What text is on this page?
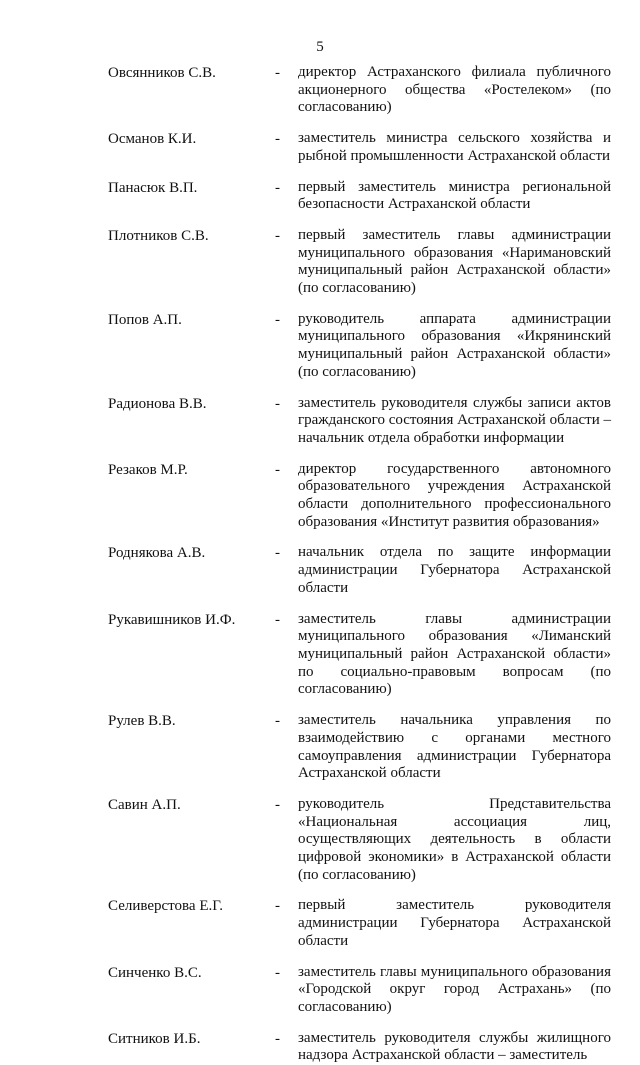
5
Овсянников С.В.	- директор Астраханского филиала публичного акционерного общества «Ростелеком» (по согласованию)
Османов К.И.	- заместитель министра сельского хозяйства и рыбной промышленности Астраханской области
Панасюк В.П.	- первый заместитель министра региональной безопасности Астраханской области
Плотников С.В.	- первый заместитель главы администрации муниципального образования «Наримановский муниципальный район Астраханской области» (по согласованию)
Попов А.П.	- руководитель аппарата администрации муниципального образования «Икрянинский муниципальный район Астраханской области» (по согласованию)
Радионова В.В.	- заместитель руководителя службы записи актов гражданского состояния Астраханской области – начальник отдела обработки информации
Резаков М.Р.	- директор государственного автономного образовательного учреждения Астраханской области дополнительного профессионального образования «Институт развития образования»
Роднякова А.В.	- начальник отдела по защите информации администрации Губернатора Астраханской области
Рукавишников И.Ф.	- заместитель главы администрации муниципального образования «Лиманский муниципальный район Астраханской области» по социально-правовым вопросам (по согласованию)
Рулев В.В.	- заместитель начальника управления по взаимодействию с органами местного самоуправления администрации Губернатора Астраханской области
Савин А.П.	- руководитель Представительства «Национальная ассоциация лиц, осуществляющих деятельность в области цифровой экономики» в Астраханской области (по согласованию)
Селиверстова Е.Г.	- первый заместитель руководителя администрации Губернатора Астраханской области
Синченко В.С.	- заместитель главы муниципального образования «Городской округ город Астрахань» (по согласованию)
Ситников И.Б.	- заместитель руководителя службы жилищного надзора Астраханской области – заместитель
